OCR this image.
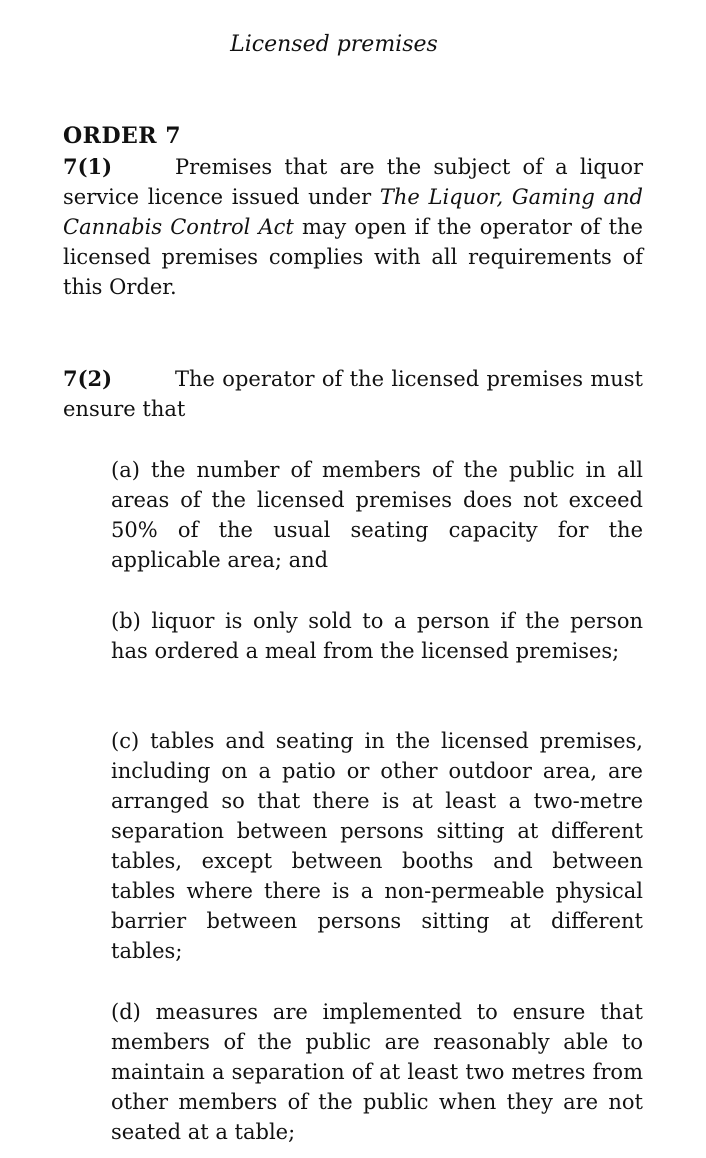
Licensed premises
ORDER 7

7(1)	Premises that are the subject of a liquor service licence issued under The Liquor, Gaming and Cannabis Control Act may open if the operator of the licensed premises complies with all requirements of this Order.

7(2)	The operator of the licensed premises must ensure that

(a) the number of members of the public in all areas of the licensed premises does not exceed 50% of the usual seating capacity for the applicable area; and

(b) liquor is only sold to a person if the person has ordered a meal from the licensed premises;

(c) tables and seating in the licensed premises, including on a patio or other outdoor area, are arranged so that there is at least a two-metre separation between persons sitting at different tables, except between booths and between tables where there is a non-permeable physical barrier between persons sitting at different tables;

(d) measures are implemented to ensure that members of the public are reasonably able to maintain a separation of at least two metres from other members of the public when they are not seated at a table;
